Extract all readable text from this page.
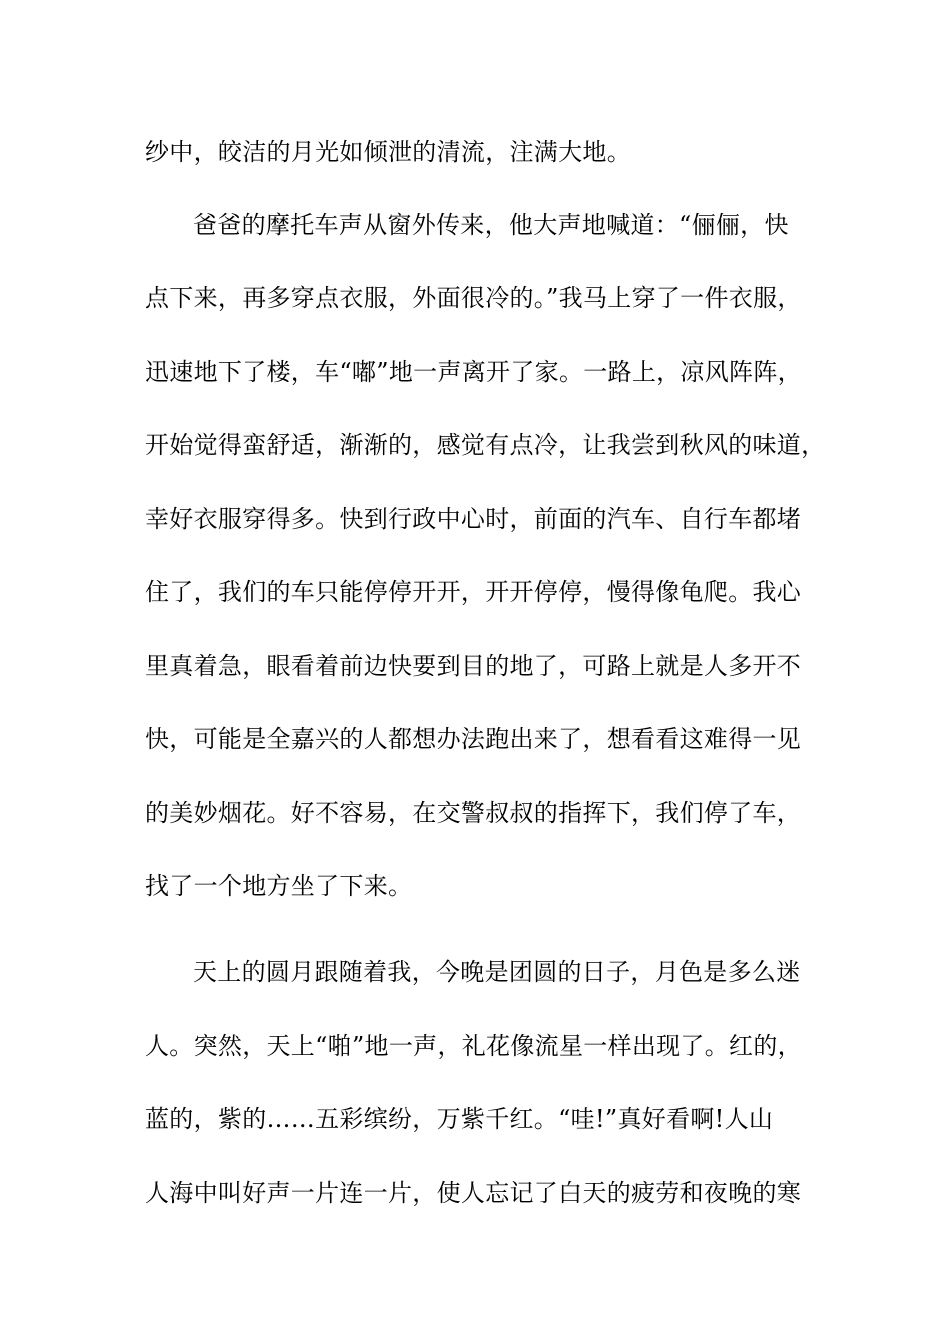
纱中，皎洁的月光如倾泄的清流，注满大地。
爸爸的摩托车声从窗外传来，他大声地喊道：“俪俪，快
点下来，再多穿点衣服，外面很冷的。”我马上穿了一件衣服，
迅速地下了楼，车“嘟”地一声离开了家。一路上，凉风阵阵，
开始觉得蛮舒适，渐渐的，感觉有点冷，让我尝到秋风的味道，
幸好衣服穿得多。快到行政中心时，前面的汽车、自行车都堵
住了，我们的车只能停停开开，开开停停，慢得像龟爬。我心
里真着急，眼看着前边快要到目的地了，可路上就是人多开不
快，可能是全嘉兴的人都想办法跑出来了，想看看这难得一见
的美妙烟花。好不容易，在交警叔叔的指挥下，我们停了车，
找了一个地方坐了下来。
天上的圆月跟随着我，今晚是团圆的日子，月色是多么迷
人。突然，天上“啪”地一声，礼花像流星一样出现了。红的，
蓝的，紫的……五彩缤纷，万紫千红。“哇!”真好看啊!人山
人海中叫好声一片连一片，使人忘记了白天的疲劳和夜晚的寒
